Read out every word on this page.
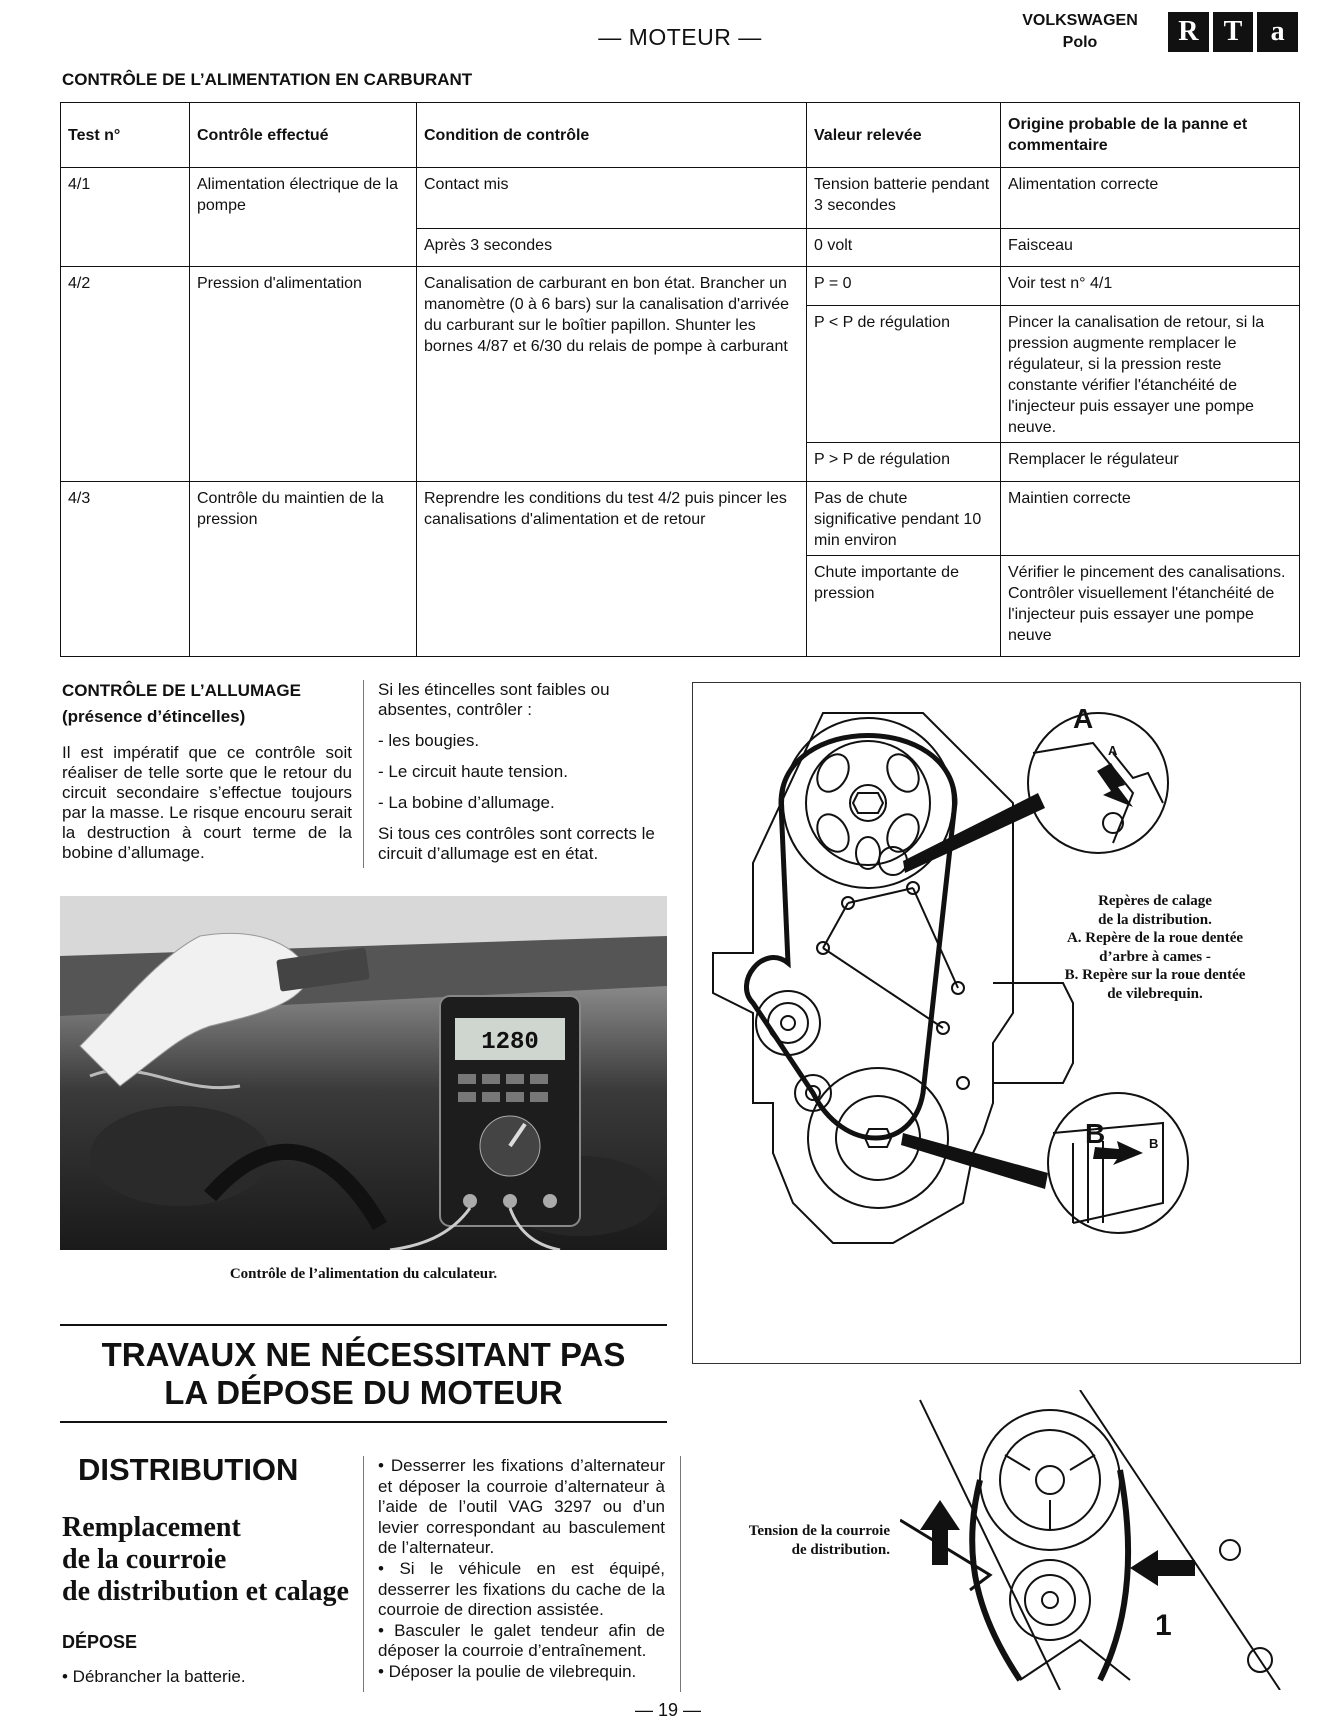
— MOTEUR —
VOLKSWAGEN
Polo	R T	a
CONTRÔLE DE L’ALIMENTATION EN CARBURANT
Test n°	Contrôle effectué	Condition de contrôle	Valeur relevée	Origine probable de la panne et commentaire
4/1	Alimentation électrique de la pompe	Contact mis	Tension batterie pendant 3 secondes	Alimentation correcte
		Après 3 secondes	0 volt	Faisceau
4/2	Pression d'alimentation	Canalisation de carburant en bon état. Brancher un manomètre (0 à 6 bars) sur la canalisation d'arrivée du carburant sur le boîtier papillon. Shunter les bornes 4/87 et 6/30 du relais de pompe à carburant	P = 0	Voir test n° 4/1
			P < P de régulation	Pincer la canalisation de retour, si la pression augmente remplacer le régulateur, si la pression reste constante vérifier l'étanchéité de l'injecteur puis essayer une pompe neuve.
			P > P de régulation	Remplacer le régulateur
4/3	Contrôle du maintien de la pression	Reprendre les conditions du test 4/2 puis pincer les canalisations d'alimentation et de retour	Pas de chute significative pendant 10 min environ	Maintien correcte
			Chute importante de pression	Vérifier le pincement des canalisations. Contrôler visuellement l'étanchéité de l'injecteur puis essayer une pompe neuve
CONTRÔLE DE L’ALLUMAGE
(présence d’étincelles)
Il est impératif que ce contrôle soit réaliser de telle sorte que le retour du circuit secondaire s’effectue toujours par la masse. Le risque encouru serait la destruction à court terme de la bobine d’allumage.

Si les étincelles sont faibles ou absentes, contrôler :

- les bougies.

- Le circuit haute tension.

- La bobine d’allumage.

Si tous ces contrôles sont corrects le circuit d’allumage est en état.

1280
Contrôle de l’alimentation du calculateur.
TRAVAUX NE NÉCESSITANT PAS
LA DÉPOSE DU MOTEUR
DISTRIBUTION
Remplacement
de la courroie
de distribution et calage
DÉPOSE
• Débrancher la batterie.
• Desserrer les fixations d’alternateur et déposer la courroie d’alternateur à l’aide de l’outil VAG 3297 ou d’un levier correspondant au basculement de l’alternateur.
• Si le véhicule en est équipé, desserrer les fixations du cache de la courroie de direction assistée.
• Basculer le galet tendeur afin de déposer la courroie d’entraînement.
• Déposer la poulie de vilebrequin.
A
B
A
B
Repères de calage
de la distribution.
A. Repère de la roue dentée
d’arbre à cames -
B. Repère sur la roue dentée
de vilebrequin.
Tension de la courroie
de distribution.
1
— 19 —
